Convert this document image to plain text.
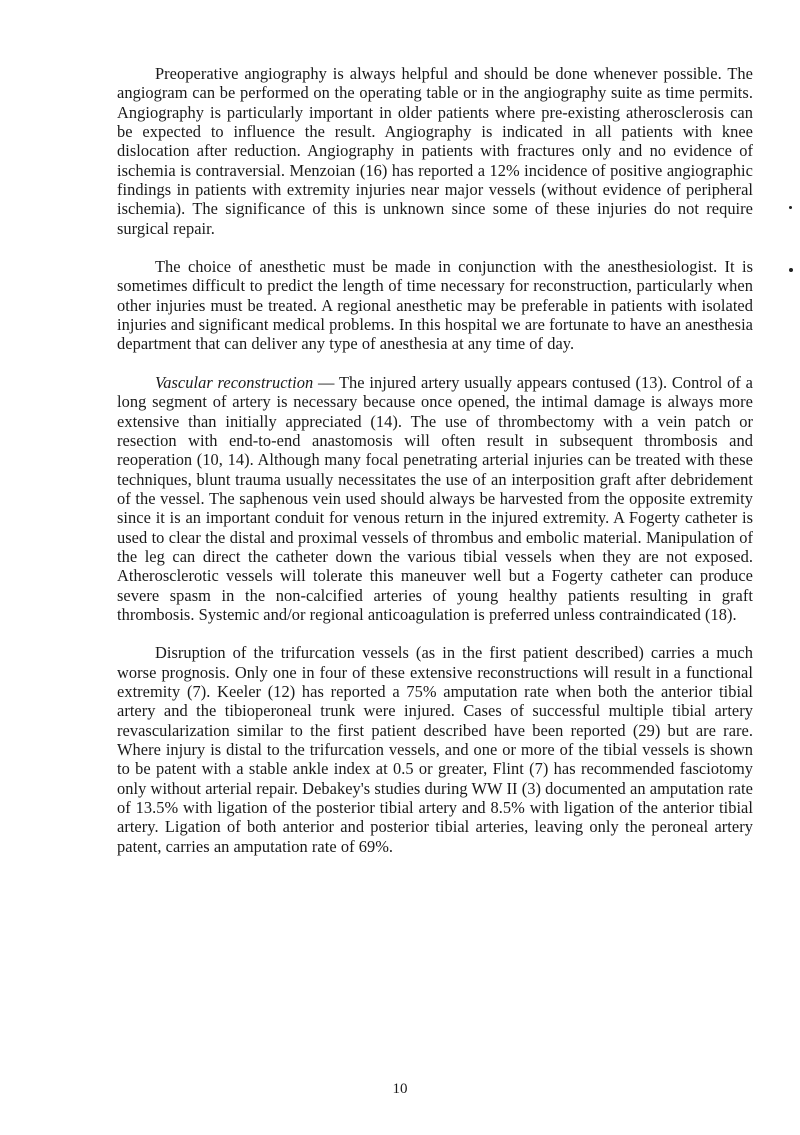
Preoperative angiography is always helpful and should be done whenever possible. The angiogram can be performed on the operating table or in the angiography suite as time permits. Angiography is particularly important in older patients where pre-existing atherosclerosis can be expected to influence the result. Angiography is indicated in all patients with knee dislocation after reduction. Angiography in patients with fractures only and no evidence of ischemia is contraversial. Menzoian (16) has reported a 12% incidence of positive angiographic findings in patients with extremity injuries near major vessels (without evidence of peripheral ischemia). The significance of this is unknown since some of these injuries do not require surgical repair.

The choice of anesthetic must be made in conjunction with the anesthesiologist. It is sometimes difficult to predict the length of time necessary for reconstruction, particularly when other injuries must be treated. A regional anesthetic may be preferable in patients with isolated injuries and significant medical problems. In this hospital we are fortunate to have an anesthesia department that can deliver any type of anesthesia at any time of day.

Vascular reconstruction — The injured artery usually appears contused (13). Control of a long segment of artery is necessary because once opened, the intimal damage is always more extensive than initially appreciated (14). The use of thrombectomy with a vein patch or resection with end-to-end anastomosis will often result in subsequent thrombosis and reoperation (10, 14). Although many focal penetrating arterial injuries can be treated with these techniques, blunt trauma usually necessitates the use of an interposition graft after debridement of the vessel. The saphenous vein used should always be harvested from the opposite extremity since it is an important conduit for venous return in the injured extremity. A Fogerty catheter is used to clear the distal and proximal vessels of thrombus and embolic material. Manipulation of the leg can direct the catheter down the various tibial vessels when they are not exposed. Atherosclerotic vessels will tolerate this maneuver well but a Fogerty catheter can produce severe spasm in the non-calcified arteries of young healthy patients resulting in graft thrombosis. Systemic and/or regional anticoagulation is preferred unless contraindicated (18).

Disruption of the trifurcation vessels (as in the first patient described) carries a much worse prognosis. Only one in four of these extensive reconstructions will result in a functional extremity (7). Keeler (12) has reported a 75% amputation rate when both the anterior tibial artery and the tibioperoneal trunk were injured. Cases of successful multiple tibial artery revascularization similar to the first patient described have been reported (29) but are rare. Where injury is distal to the trifurcation vessels, and one or more of the tibial vessels is shown to be patent with a stable ankle index at 0.5 or greater, Flint (7) has recommended fasciotomy only without arterial repair. Debakey's studies during WW II (3) documented an amputation rate of 13.5% with ligation of the posterior tibial artery and 8.5% with ligation of the anterior tibial artery. Ligation of both anterior and posterior tibial arteries, leaving only the peroneal artery patent, carries an amputation rate of 69%.

10
